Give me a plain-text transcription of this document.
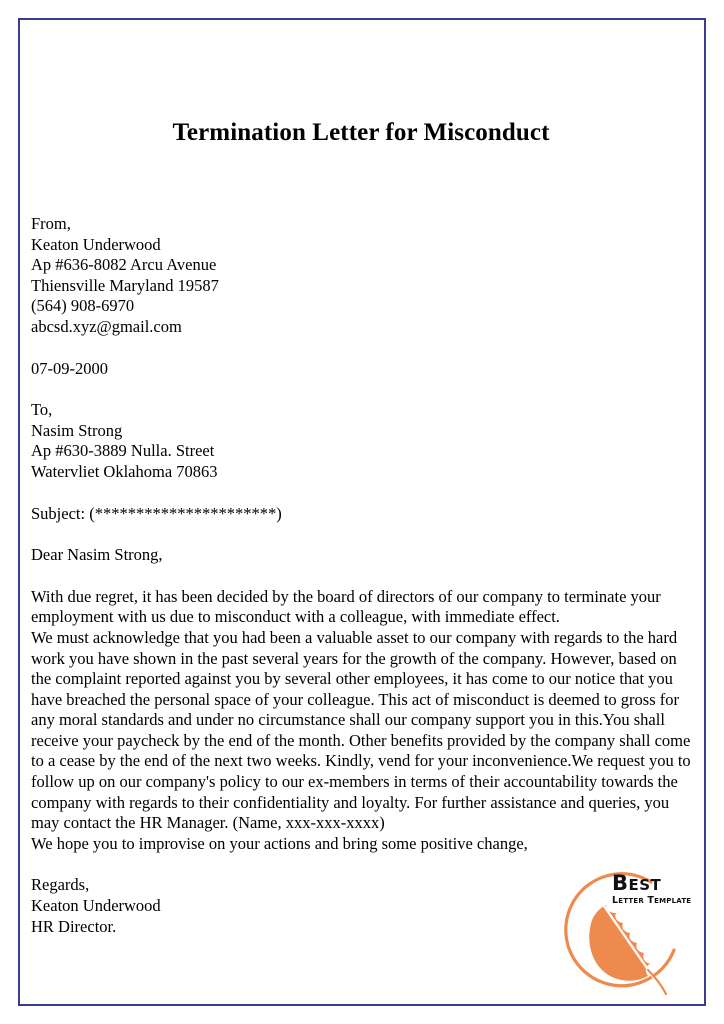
Termination Letter for Misconduct
From,
Keaton Underwood
Ap #636-8082 Arcu Avenue
Thiensville Maryland 19587
(564) 908-6970
abcsd.xyz@gmail.com
07-09-2000
To,
Nasim Strong
Ap #630-3889 Nulla. Street
Watervliet Oklahoma 70863
Subject: (**********************)
Dear Nasim Strong,

With due regret, it has been decided by the board of directors of our company to terminate your employment with us due to misconduct with a colleague, with immediate effect.

We must acknowledge that you had been a valuable asset to our company with regards to the hard work you have shown in the past several years for the growth of the company. However, based on the complaint reported against you by several other employees, it has come to our notice that you have breached the personal space of your colleague. This act of misconduct is deemed to gross for any moral standards and under no circumstance shall our company support you in this.You shall receive your paycheck by the end of the month. Other benefits provided by the company shall come to a cease by the end of the next two weeks. Kindly, vend for your inconvenience.We request you to follow up on our company's policy to our ex-members in terms of their accountability towards the company with regards to their confidentiality and loyalty. For further assistance and queries, you may contact the HR Manager. (Name, xxx-xxx-xxxx)

We hope you to improvise on your actions and bring some positive change,

Regards,
Keaton Underwood
HR Director.
Best
Letter Template
